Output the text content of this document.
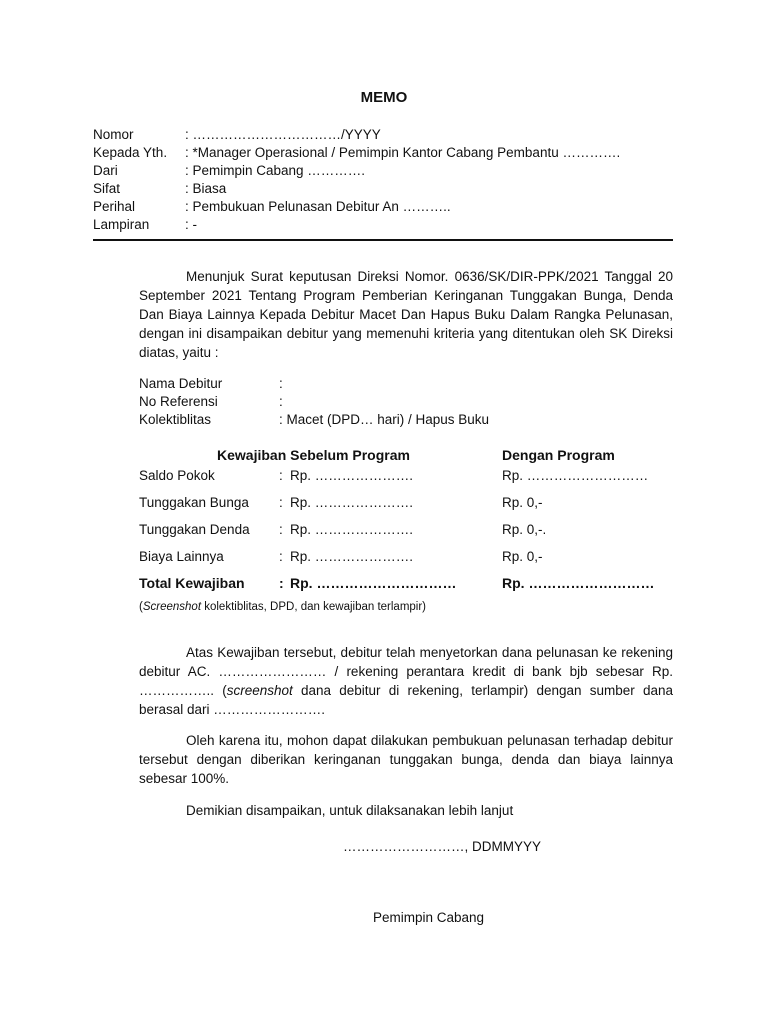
MEMO
Nomor	: ……………………………/YYYY
Kepada Yth. : *Manager Operasional / Pemimpin Kantor Cabang Pembantu ………….
Dari	: Pemimpin Cabang ………….
Sifat	: Biasa
Perihal	: Pembukuan Pelunasan Debitur An ………..
Lampiran	: -
Menunjuk Surat keputusan Direksi Nomor. 0636/SK/DIR-PPK/2021 Tanggal 20 September 2021 Tentang Program Pemberian Keringanan Tunggakan Bunga, Denda Dan Biaya Lainnya Kepada Debitur Macet Dan Hapus Buku Dalam Rangka Pelunasan, dengan ini disampaikan debitur yang memenuhi kriteria yang ditentukan oleh SK Direksi diatas, yaitu :
Nama Debitur	:
No Referensi	:
Kolektiblitas	: Macet (DPD… hari) / Hapus Buku
Kewajiban Sebelum Program	Dengan Program
Saldo Pokok	: Rp. ………………….	Rp. ………………………
Tunggakan Bunga : Rp. ………………….	Rp. 0,-
Tunggakan Denda : Rp. ………………….	Rp. 0,-.
Biaya Lainnya	: Rp. ………………….	Rp. 0,-
Total Kewajiban : Rp. …………………………	Rp. ………………………
(Screenshot kolektiblitas, DPD, dan kewajiban terlampir)
Atas Kewajiban tersebut, debitur telah menyetorkan dana pelunasan ke rekening debitur AC. …………………… / rekening perantara kredit di bank bjb sebesar Rp. …………….. (screenshot dana debitur di rekening, terlampir) dengan sumber dana berasal dari …………………….
Oleh karena itu, mohon dapat dilakukan pembukuan pelunasan terhadap debitur tersebut dengan diberikan keringanan tunggakan bunga, denda dan biaya lainnya sebesar 100%.
Demikian disampaikan, untuk dilaksanakan lebih lanjut
………………………, DDMMYYY
Pemimpin Cabang
